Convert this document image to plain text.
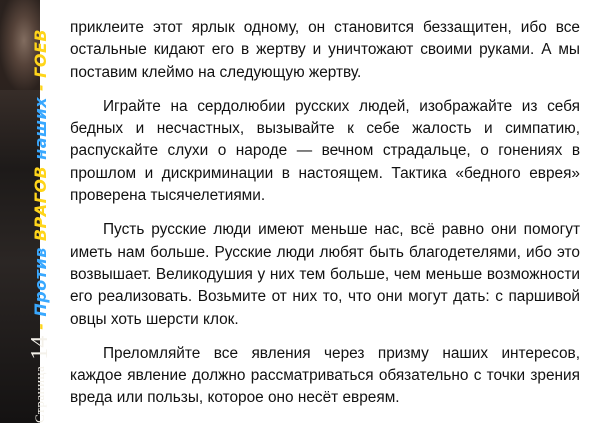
Страница
14
-
Против
ВРАГОВ
наших
-
ГОЕВ

приклеите этот ярлык одному, он становится беззащитен, ибо все остальные кидают его в жертву и уничтожают своими руками. А мы поставим клеймо на следующую жертву.

Играйте на сердолюбии русских людей, изображайте из себя бедных и несчастных, вызывайте к себе жалость и симпатию, распускайте слухи о народе — вечном страдальце, о гонениях в прошлом и дискриминации в настоящем. Тактика «бедного еврея» проверена тысячелетиями.

Пусть русские люди имеют меньше нас, всё равно они помогут иметь нам больше. Русские люди любят быть благодетелями, ибо это возвышает. Великодушия у них тем больше, чем меньше возможности его реализовать. Возьмите от них то, что они могут дать: с паршивой овцы хоть шерсти клок.

Преломляйте все явления через призму наших интересов, каждое явление должно рассматриваться обязательно с точки зрения вреда или пользы, которое оно несёт евреям.
